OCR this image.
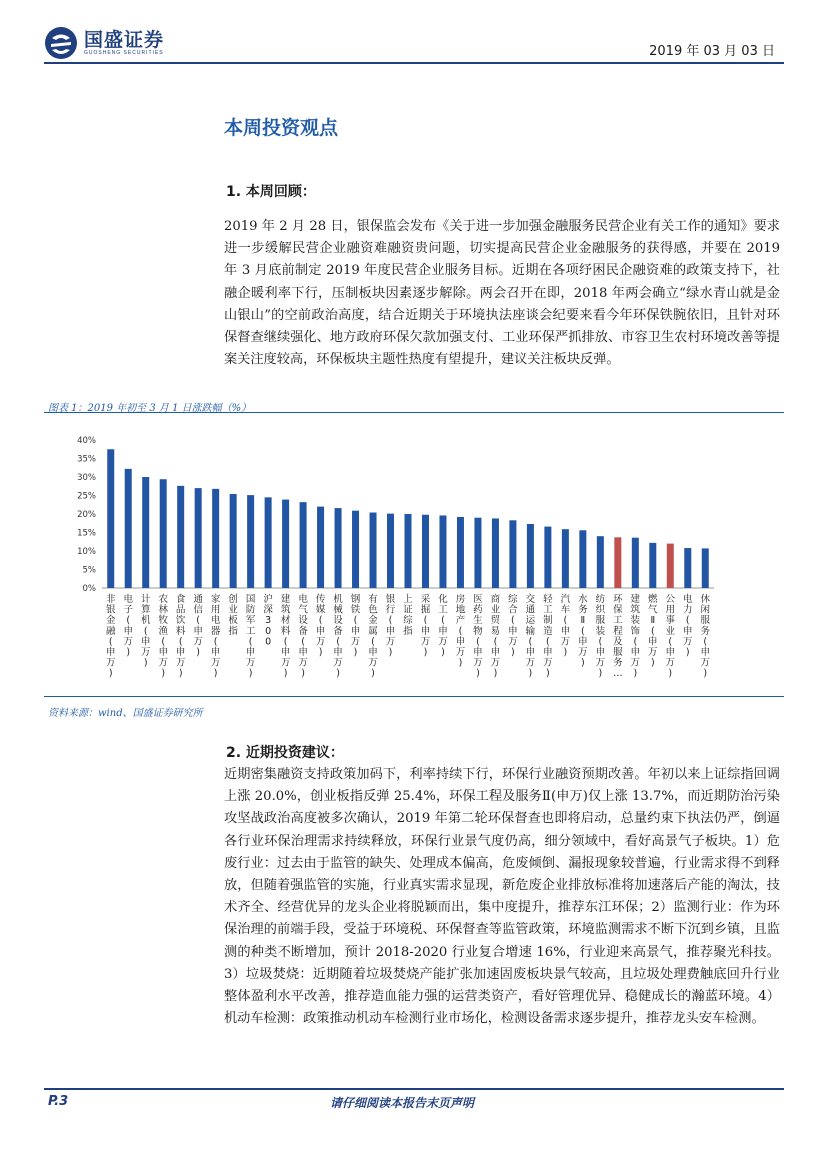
国盛证券
GUOSHENG SECURITIES	2019 年 03 月 03 日
本周投资观点
1. 本周回顾：
2019 年 2 月 28 日，银保监会发布《关于进一步加强金融服务民营企业有关工作的通知》要求进一步缓解民营企业融资难融资贵问题，切实提高民营企业金融服务的获得感，并要在 2019 年 3 月底前制定 2019 年度民营企业服务目标。近期在各项纾困民企融资难的政策支持下，社融企暖利率下行，压制板块因素逐步解除。两会召开在即，2018 年两会确立“绿水青山就是金山银山”的空前政治高度，结合近期关于环境执法座谈会纪要来看今年环保铁腕依旧，且针对环保督查继续强化、地方政府环保欠款加强支付、工业环保严抓排放、市容卫生农村环境改善等提案关注度较高，环保板块主题性热度有望提升，建议关注板块反弹。
图表 1：2019 年初至 3 月 1 日涨跌幅（%）
0%
5%
10%
15%
20%
25%
30%
35%
40%
非银金融(申万)
电子(申万)
计算机(申万)
农林牧渔(申万)
食品饮料(申万)
通信(申万)
家用电器(申万)
创业板指
国防军工(申万)
沪深 3 0 0
建筑材料(申万)
电气设备(申万)
传媒(申万)
机械设备(申万)
钢铁(申万)
有色金属(申万)
银行(申万)
上证综指
采掘(申万)
化工(申万)
房地产(申万)
医药生物(申万)
商业贸易(申万)
综合(申万)
交通运输(申万)
轻工制造(申万)
汽车(申万)
水务 Ⅱ (申万)
纺织服装(申万)
环保工程及服务…
建筑装饰(申万)
燃气 Ⅱ (申万)
公用事业(申万)
电力(申万)
休闲服务(申万)
资料来源：wind、国盛证券研究所
2. 近期投资建议：
近期密集融资支持政策加码下，利率持续下行，环保行业融资预期改善。年初以来上证综指回调上涨 20.0%，创业板指反弹 25.4%，环保工程及服务Ⅱ(申万)仅上涨 13.7%，而近期防治污染攻坚战政治高度被多次确认，2019 年第二轮环保督查也即将启动，总量约束下执法仍严，倒逼各行业环保治理需求持续释放，环保行业景气度仍高，细分领域中，看好高景气子板块。1）危废行业：过去由于监管的缺失、处理成本偏高，危废倾倒、漏报现象较普遍，行业需求得不到释放，但随着强监管的实施，行业真实需求显现，新危废企业排放标准将加速落后产能的淘汰，技术齐全、经营优异的龙头企业将脱颖而出，集中度提升，推荐东江环保；2）监测行业：作为环保治理的前端手段，受益于环境税、环保督查等监管政策，环境监测需求不断下沉到乡镇，且监测的种类不断增加，预计 2018-2020 行业复合增速 16%，行业迎来高景气，推荐聚光科技。3）垃圾焚烧：近期随着垃圾焚烧产能扩张加速固废板块景气较高，且垃圾处理费触底回升行业整体盈利水平改善，推荐造血能力强的运营类资产，看好管理优异、稳健成长的瀚蓝环境。4）机动车检测：政策推动机动车检测行业市场化，检测设备需求逐步提升，推荐龙头安车检测。
P.3	请仔细阅读本报告末页声明
